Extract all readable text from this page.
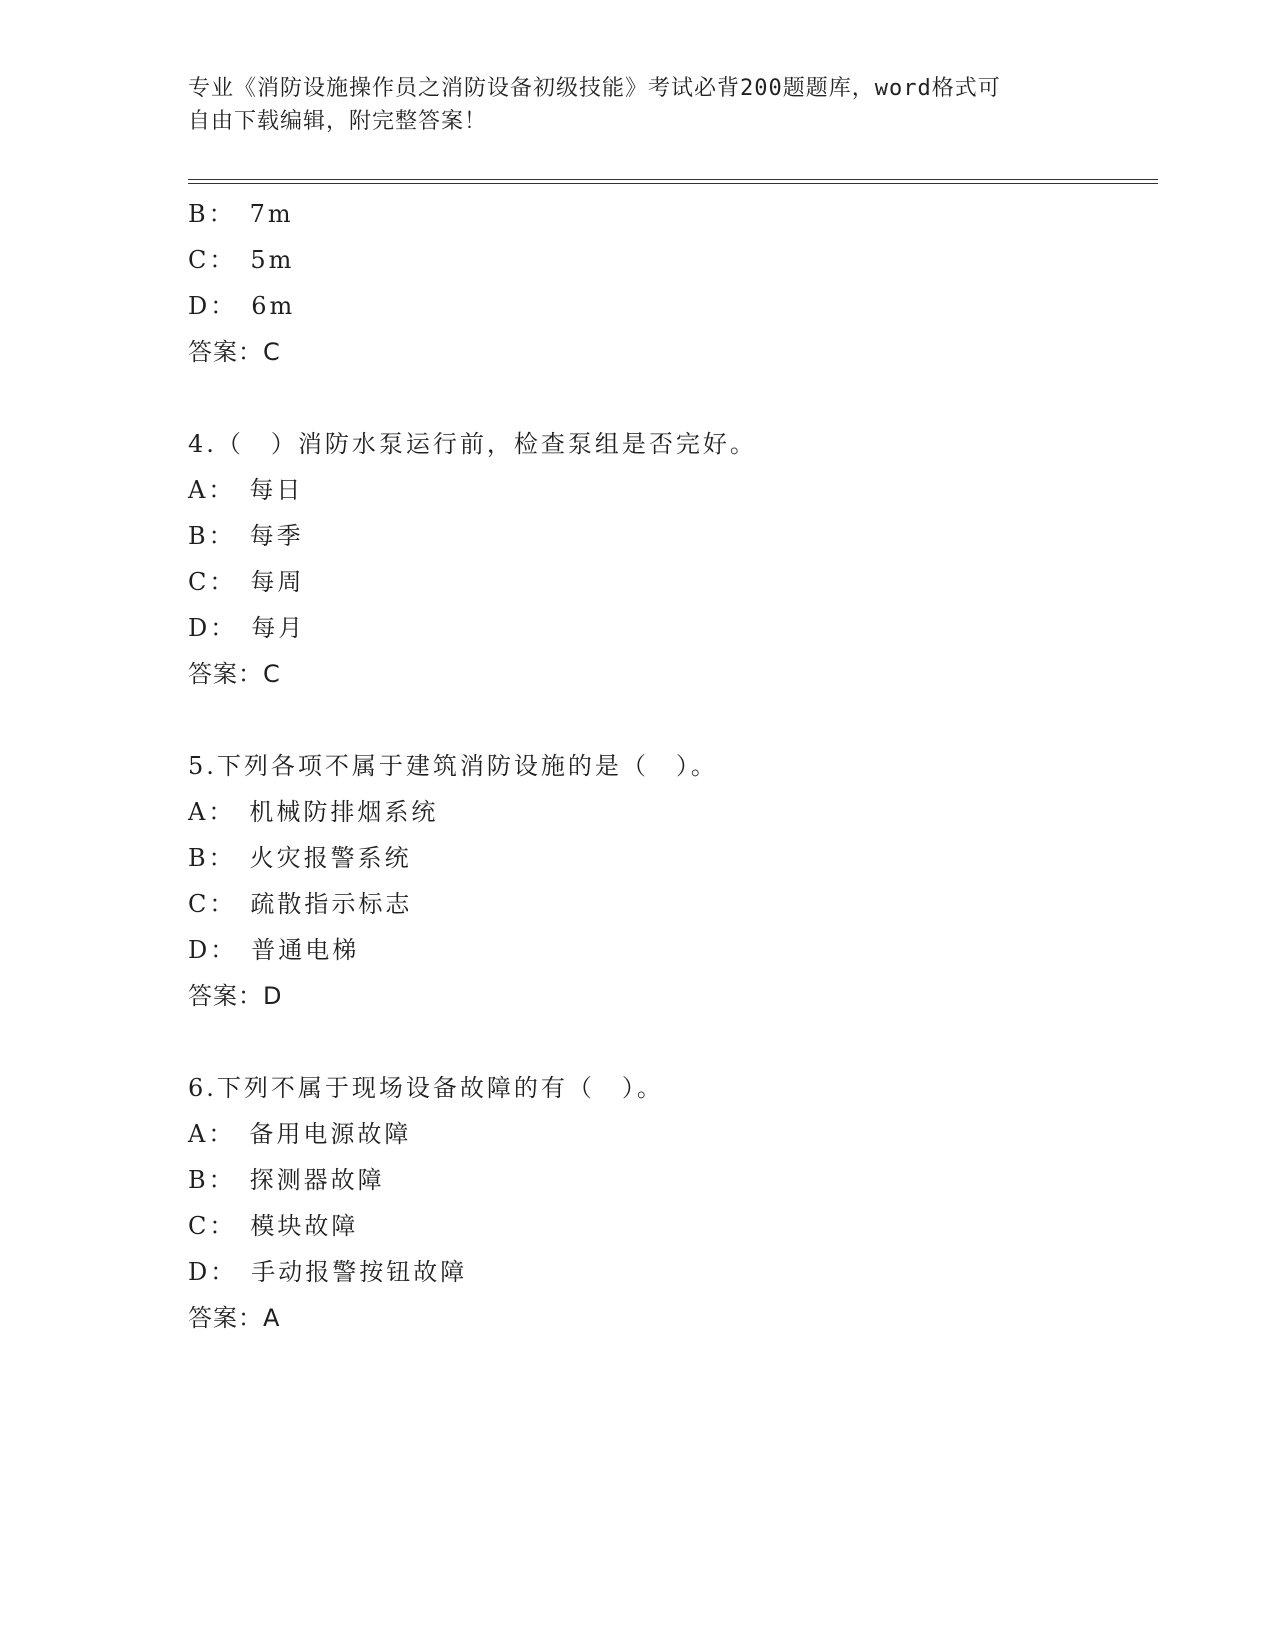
专业《消防设施操作员之消防设备初级技能》考试必背200题题库，word格式可
自由下载编辑，附完整答案！
B： 7m
C： 5m
D： 6m
答案：C
4.（　）消防水泵运行前，检查泵组是否完好。
A： 每日
B： 每季
C： 每周
D： 每月
答案：C
5.下列各项不属于建筑消防设施的是（　）。
A： 机械防排烟系统
B： 火灾报警系统
C： 疏散指示标志
D： 普通电梯
答案：D
6.下列不属于现场设备故障的有（　）。
A： 备用电源故障
B： 探测器故障
C： 模块故障
D： 手动报警按钮故障
答案：A
